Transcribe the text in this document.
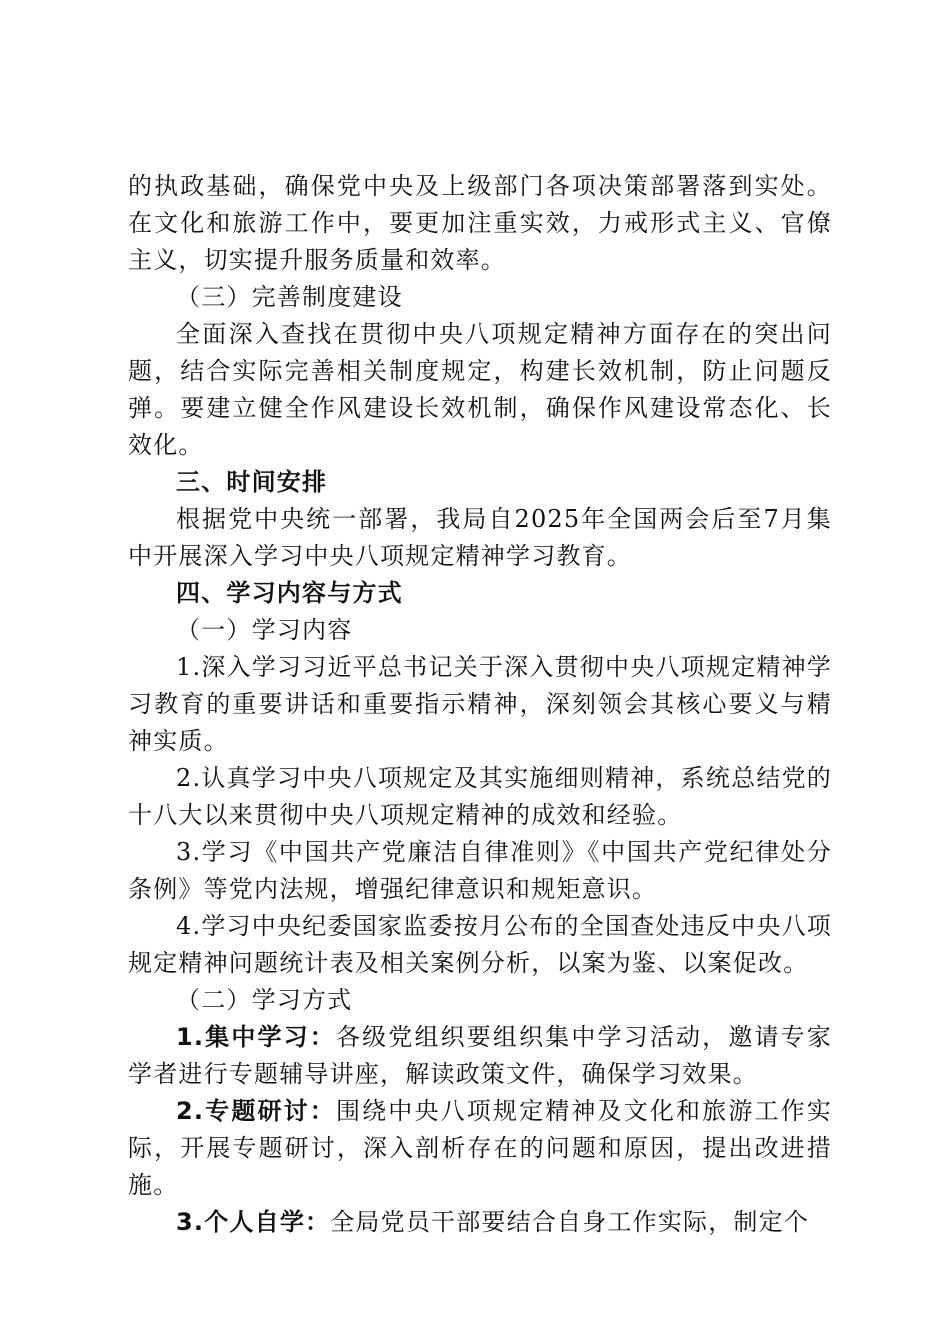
的执政基础，确保党中央及上级部门各项决策部署落到实处。在文化和旅游工作中，要更加注重实效，力戒形式主义、官僚主义，切实提升服务质量和效率。

（三）完善制度建设

全面深入查找在贯彻中央八项规定精神方面存在的突出问题，结合实际完善相关制度规定，构建长效机制，防止问题反弹。要建立健全作风建设长效机制，确保作风建设常态化、长效化。

三、时间安排

根据党中央统一部署，我局自2025年全国两会后至7月集中开展深入学习中央八项规定精神学习教育。

四、学习内容与方式

（一）学习内容

1.深入学习习近平总书记关于深入贯彻中央八项规定精神学习教育的重要讲话和重要指示精神，深刻领会其核心要义与精神实质。

2.认真学习中央八项规定及其实施细则精神，系统总结党的十八大以来贯彻中央八项规定精神的成效和经验。

3.学习《中国共产党廉洁自律准则》《中国共产党纪律处分条例》等党内法规，增强纪律意识和规矩意识。

4.学习中央纪委国家监委按月公布的全国查处违反中央八项规定精神问题统计表及相关案例分析，以案为鉴、以案促改。

（二）学习方式

1.集中学习：各级党组织要组织集中学习活动，邀请专家学者进行专题辅导讲座，解读政策文件，确保学习效果。

2.专题研讨：围绕中央八项规定精神及文化和旅游工作实际，开展专题研讨，深入剖析存在的问题和原因，提出改进措施。

3.个人自学：全局党员干部要结合自身工作实际，制定个
